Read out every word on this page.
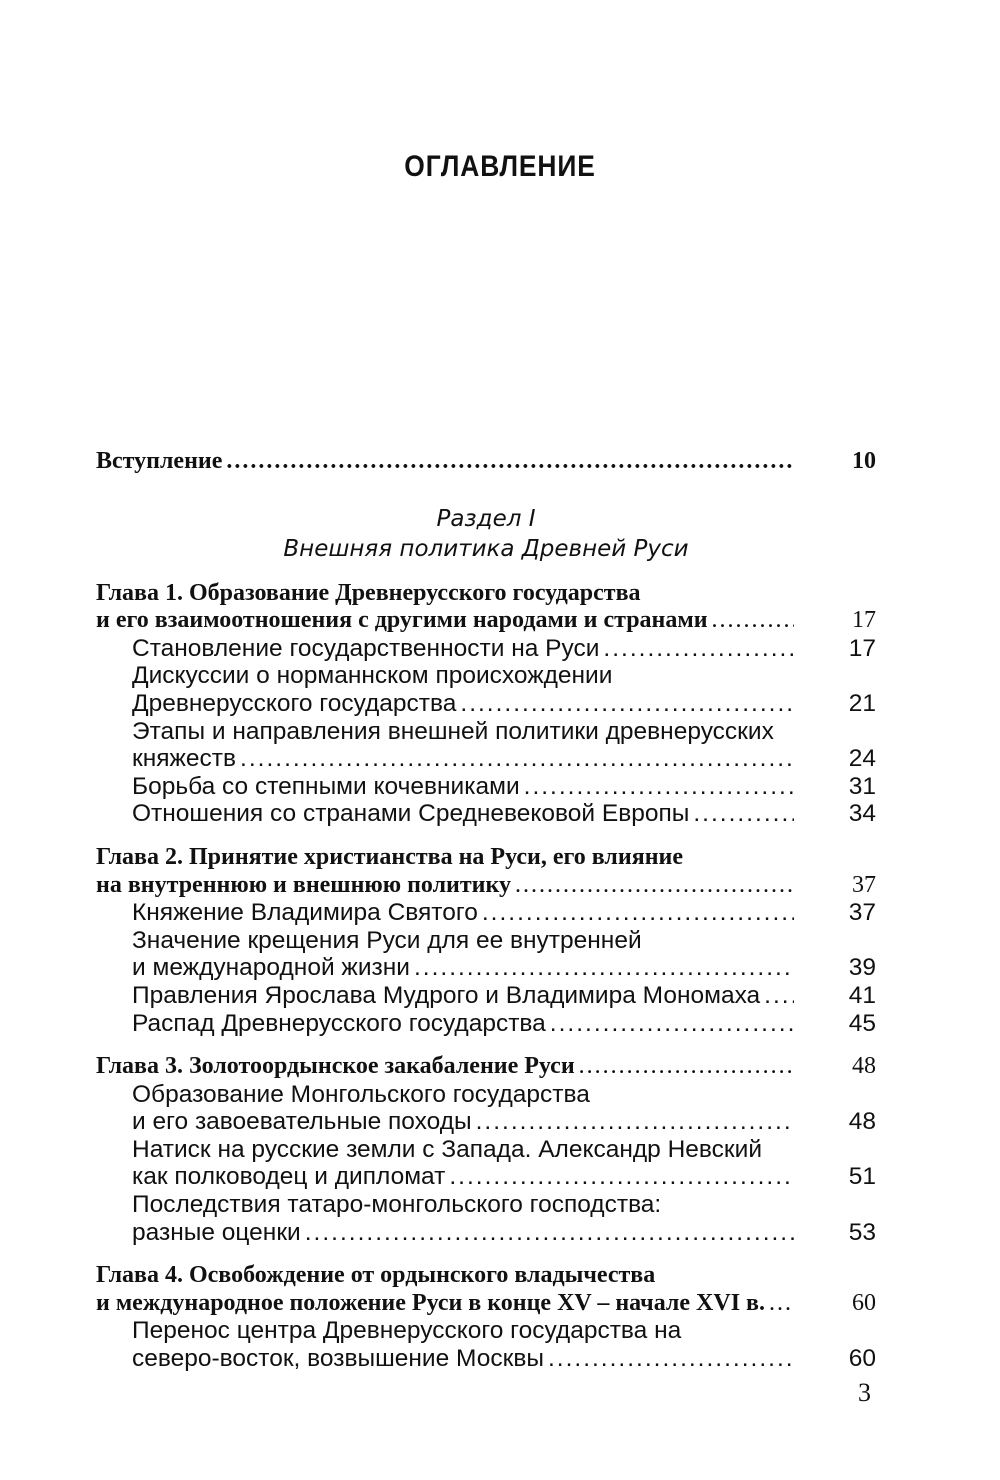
ОГЛАВЛЕНИЕ
Вступление .....	10
Раздел I
Внешняя политика Древней Руси
Глава 1. Образование Древнерусского государства
и его взаимоотношения с другими народами и странами .....	17
Становление государственности на Руси .....	17
Дискуссии о норманнском происхождении
Древнерусского государства .....	21
Этапы и направления внешней политики древнерусских
княжеств .....	24
Борьба со степными кочевниками .....	31
Отношения со странами Средневековой Европы .....	34
Глава 2. Принятие христианства на Руси, его влияние
на внутреннюю и внешнюю политику .....	37
Княжение Владимира Святого .....	37
Значение крещения Руси для ее внутренней
и международной жизни .....	39
Правления Ярослава Мудрого и Владимира Мономаха .....	41
Распад Древнерусского государства .....	45
Глава 3. Золотоордынское закабаление Руси .....	48
Образование Монгольского государства
и его завоевательные походы .....	48
Натиск на русские земли с Запада. Александр Невский
как полководец и дипломат .....	51
Последствия татаро-монгольского господства:
разные оценки .....	53
Глава 4. Освобождение от ордынского владычества
и международное положение Руси в конце XV – начале XVI в. .....	60
Перенос центра Древнерусского государства на
северо-восток, возвышение Москвы .....	60
3
